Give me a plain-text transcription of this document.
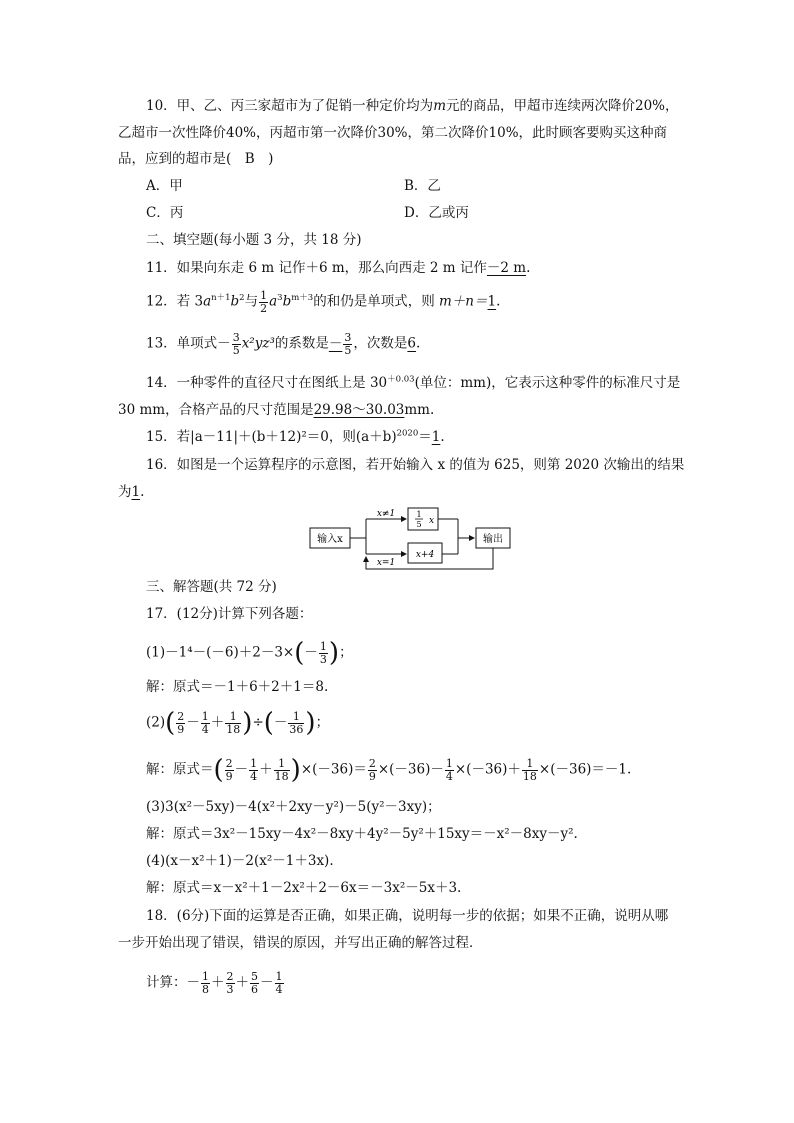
10．甲、乙、丙三家超市为了促销一种定价均为m元的商品，甲超市连续两次降价20%，
乙超市一次性降价40%，丙超市第一次降价30%，第二次降价10%，此时顾客要购买这种商
品，应到的超市是(　B　)
A．甲	B．乙
C．丙	D．乙或丙
二、填空题(每小题 3 分，共 18 分)
11．如果向东走 6 m 记作＋6 m，那么向西走 2 m 记作－2 m.
12．若 $3a^{n+1}b^2$与 $\frac{1}{2} a^3b^{m+3}$的和仍是单项式，则 m＋n＝1.
13．单项式－ $\frac{3}{5} x^2yz^3$的系数是－ $\frac{3}{5}$ ，次数是6.
14．一种零件的直径尺寸在图纸上是 $30^{+0.03}$(单位：mm)，它表示这种零件的标准尺寸是
30 mm，合格产品的尺寸范围是29.98～30.03mm.
15．若|a－11|＋(b＋12)²＝0，则$(a+b)^{2020}=1$.
16．如图是一个运算程序的示意图，若开始输入 x 的值为 625，则第 2020 次输出的结果
为1.
输入x
x≠1
x=1
1
5 x
x+4
输出
三、解答题(共 72 分)
17．(12分)计算下列各题：
$(1)-1^4-(-6)+2-3\times(- \frac{1}{3}$ )；
解：原式＝－1＋6＋2＋1＝8.
$(2)( \frac{2}{9} - \frac{1}{4} + \frac{1}{18}$ )÷(－ $\frac{1}{36}$ )；
解：原式＝( $\frac{2}{9} - \frac{1}{4} + \frac{1}{18} )\times(-36)= \frac{2}{9} \times(-36)- \frac{1}{4} \times(-36)+ \frac{1}{18} \times(-36)=-1$.
(3)3(x²－5xy)－4(x²＋2xy－y²)－5(y²－3xy)；
解：原式＝3x²－15xy－4x²－8xy＋4y²－5y²＋15xy＝－x²－8xy－y².
(4)(x－x²＋1)－2(x²－1＋3x).
解：原式＝x－x²＋1－2x²＋2－6x＝－3x²－5x＋3.
18．(6分)下面的运算是否正确，如果正确，说明每一步的依据；如果不正确，说明从哪
一步开始出现了错误，错误的原因，并写出正确的解答过程．
计算：－ $\frac{1}{8} + \frac{2}{3} + \frac{5}{6} - \frac{1}{4}$
